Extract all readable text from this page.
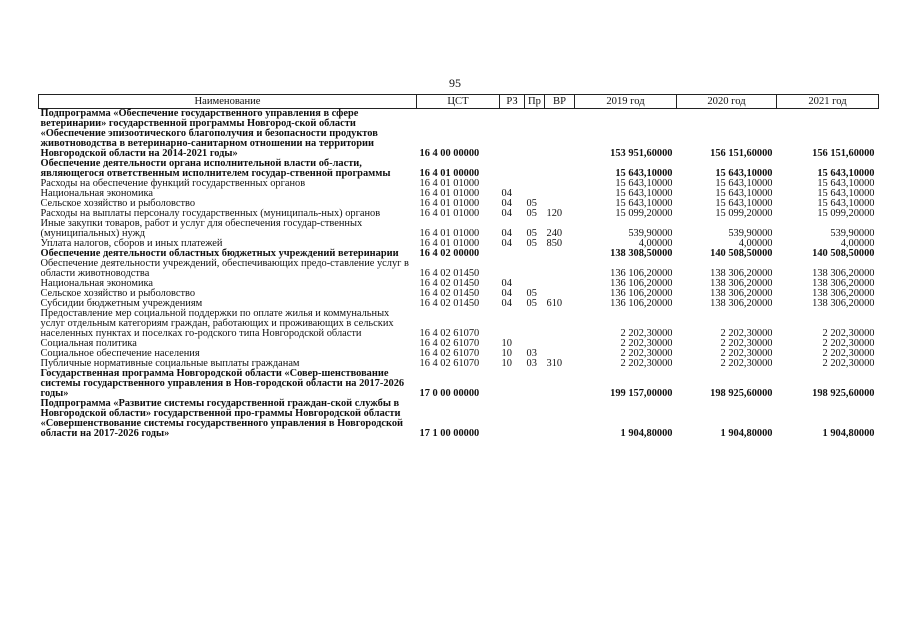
95
Наименование	ЦСТ	РЗ	Пр	ВР	2019 год	2020 год	2021 год
Подпрограмма «Обеспечение государственного управления в сфере ветеринарии» государственной программы Новгород-ской области «Обеспечение эпизоотического благополучия и безопасности продуктов животноводства в ветеринарно-санитарном отношении на территории Новгородской области на 2014-2021 годы»	16 4 00 00000				153 951,60000	156 151,60000	156 151,60000
Обеспечение деятельности органа исполнительной власти об-ласти, являющегося ответственным исполнителем государ-ственной программы	16 4 01 00000				15 643,10000	15 643,10000	15 643,10000
Расходы на обеспечение функций государственных органов	16 4 01 01000				15 643,10000	15 643,10000	15 643,10000
Национальная экономика	16 4 01 01000	04			15 643,10000	15 643,10000	15 643,10000
Сельское хозяйство и рыболовство	16 4 01 01000	04	05		15 643,10000	15 643,10000	15 643,10000
Расходы на выплаты персоналу государственных (муниципаль-ных) органов	16 4 01 01000	04	05	120	15 099,20000	15 099,20000	15 099,20000
Иные закупки товаров, работ и услуг для обеспечения государ-ственных (муниципальных) нужд	16 4 01 01000	04	05	240	539,90000	539,90000	539,90000
Уплата налогов, сборов и иных платежей	16 4 01 01000	04	05	850	4,00000	4,00000	4,00000
Обеспечение деятельности областных бюджетных учреждений ветеринарии	16 4 02 00000				138 308,50000	140 508,50000	140 508,50000
Обеспечение деятельности учреждений, обеспечивающих предо-ставление услуг в области животноводства	16 4 02 01450				136 106,20000	138 306,20000	138 306,20000
Национальная экономика	16 4 02 01450	04			136 106,20000	138 306,20000	138 306,20000
Сельское хозяйство и рыболовство	16 4 02 01450	04	05		136 106,20000	138 306,20000	138 306,20000
Субсидии бюджетным учреждениям	16 4 02 01450	04	05	610	136 106,20000	138 306,20000	138 306,20000
Предоставление мер социальной поддержки по оплате жилья и коммунальных услуг отдельным категориям граждан, работающих и проживающих в сельских населенных пунктах и поселках го-родского типа Новгородской области	16 4 02 61070				2 202,30000	2 202,30000	2 202,30000
Социальная политика	16 4 02 61070	10			2 202,30000	2 202,30000	2 202,30000
Социальное обеспечение населения	16 4 02 61070	10	03		2 202,30000	2 202,30000	2 202,30000
Публичные нормативные социальные выплаты гражданам	16 4 02 61070	10	03	310	2 202,30000	2 202,30000	2 202,30000
Государственная программа Новгородской области «Совер-шенствование системы государственного управления в Нов-городской области на 2017-2026 годы»	17 0 00 00000				199 157,00000	198 925,60000	198 925,60000
Подпрограмма «Развитие системы государственной граждан-ской службы в Новгородской области» государственной про-граммы Новгородской области «Совершенствование системы государственного управления в Новгородской области на 2017-2026 годы»	17 1 00 00000				1 904,80000	1 904,80000	1 904,80000
